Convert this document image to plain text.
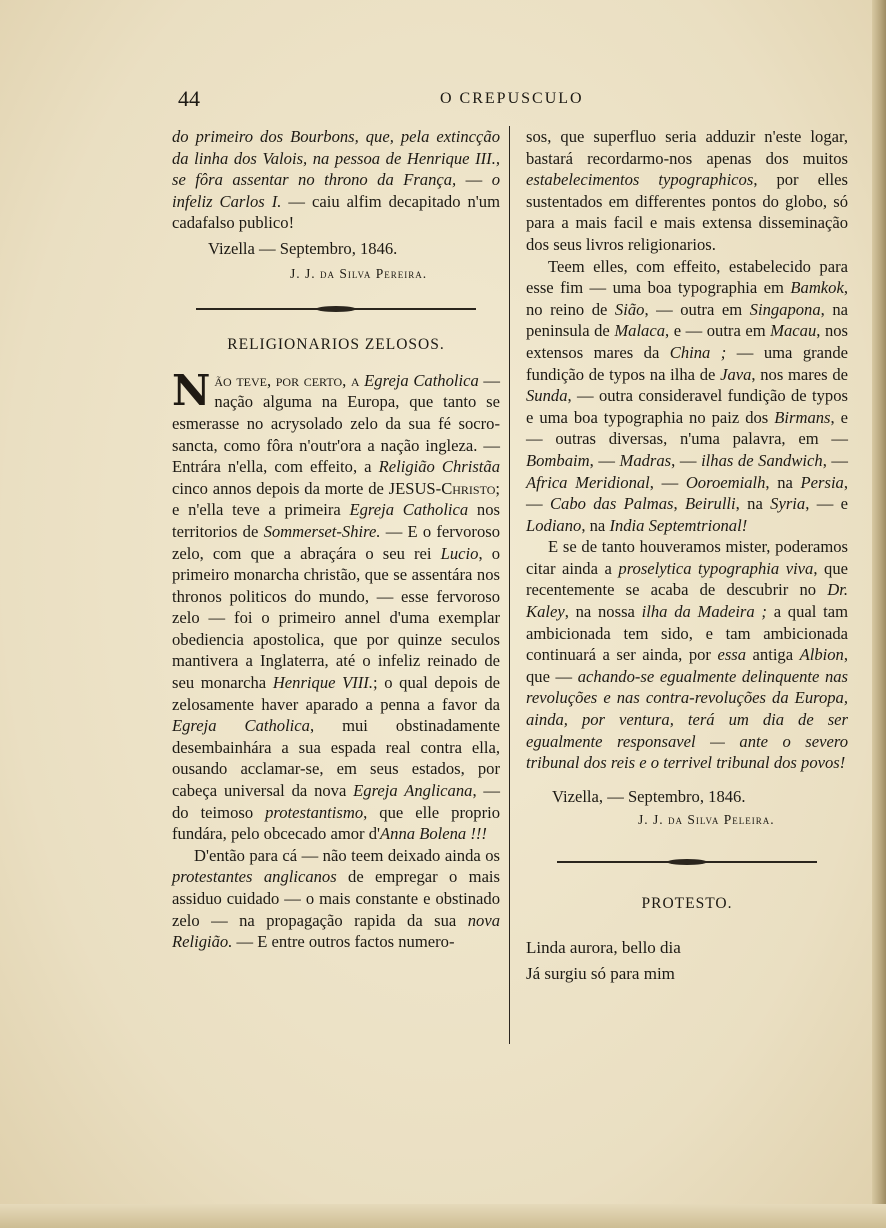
44	O CREPUSCULO

do primeiro dos Bourbons, que, pela extincção da linha dos Valois, na pessoa de Henrique III., se fôra assentar no throno da França, — o infeliz Carlos I. — caiu alfim decapitado n'um cadafalso publico!

Vizella — Septembro, 1846.
J. J. da Silva Pereira.
RELIGIONARIOS ZELOSOS.

Não teve, por certo, a Egreja Catholica — nação alguma na Europa, que tanto se esmerasse no acrysolado zelo da sua fé socro-sancta, como fôra n'outr'ora a nação ingleza. — Entrára n'ella, com effeito, a Religião Christãa cinco annos depois da morte de JESUS-Christo; e n'ella teve a primeira Egreja Catholica nos territorios de Sommerset-Shire. — E o fervoroso zelo, com que a abraçára o seu rei Lucio, o primeiro monarcha christão, que se assentára nos thronos politicos do mundo, — esse fervoroso zelo — foi o primeiro annel d'uma exemplar obediencia apostolica, que por quinze seculos mantivera a Inglaterra, até o infeliz reinado de seu monarcha Henrique VIII.; o qual depois de zelosamente haver aparado a penna a favor da Egreja Catholica, mui obstinadamente desembainhára a sua espada real contra ella, ousando acclamar-se, em seus estados, por cabeça universal da nova Egreja Anglicana, — do teimoso protestantismo, que elle proprio fundára, pelo obcecado amor d'Anna Bolena !!!

D'então para cá — não teem deixado ainda os protestantes anglicanos de empregar o mais assiduo cuidado — o mais constante e obstinado zelo — na propagação rapida da sua nova Religião. — E entre outros factos numero-

sos, que superfluo seria adduzir n'este logar, bastará recordarmo-nos apenas dos muitos estabelecimentos typographicos, por elles sustentados em differentes pontos do globo, só para a mais facil e mais extensa disseminação dos seus livros religionarios.

Teem elles, com effeito, estabelecido para esse fim — uma boa typographia em Bamkok, no reino de Sião, — outra em Singapona, na peninsula de Malaca, e — outra em Macau, nos extensos mares da China ; — uma grande fundição de typos na ilha de Java, nos mares de Sunda, — outra consideravel fundição de typos e uma boa typographia no paiz dos Birmans, e — outras diversas, n'uma palavra, em — Bombaim, — Madras, — ilhas de Sandwich, — Africa Meridional, — Ooroemialh, na Persia, — Cabo das Palmas, Beirulli, na Syria, — e Lodiano, na India Septemtrional!

E se de tanto houveramos mister, poderamos citar ainda a proselytica typographia viva, que recentemente se acaba de descubrir no Dr. Kaley, na nossa ilha da Madeira ; a qual tam ambicionada tem sido, e tam ambicionada continuará a ser ainda, por essa antiga Albion, que — achando-se egualmente delinquente nas revoluções e nas contra-revoluções da Europa, ainda, por ventura, terá um dia de ser egualmente responsavel — ante o severo tribunal dos reis e o terrivel tribunal dos povos!

Vizella, — Septembro, 1846.
J. J. da Silva Peleira.
PROTESTO.

Linda aurora, bello dia

Já surgiu só para mim
